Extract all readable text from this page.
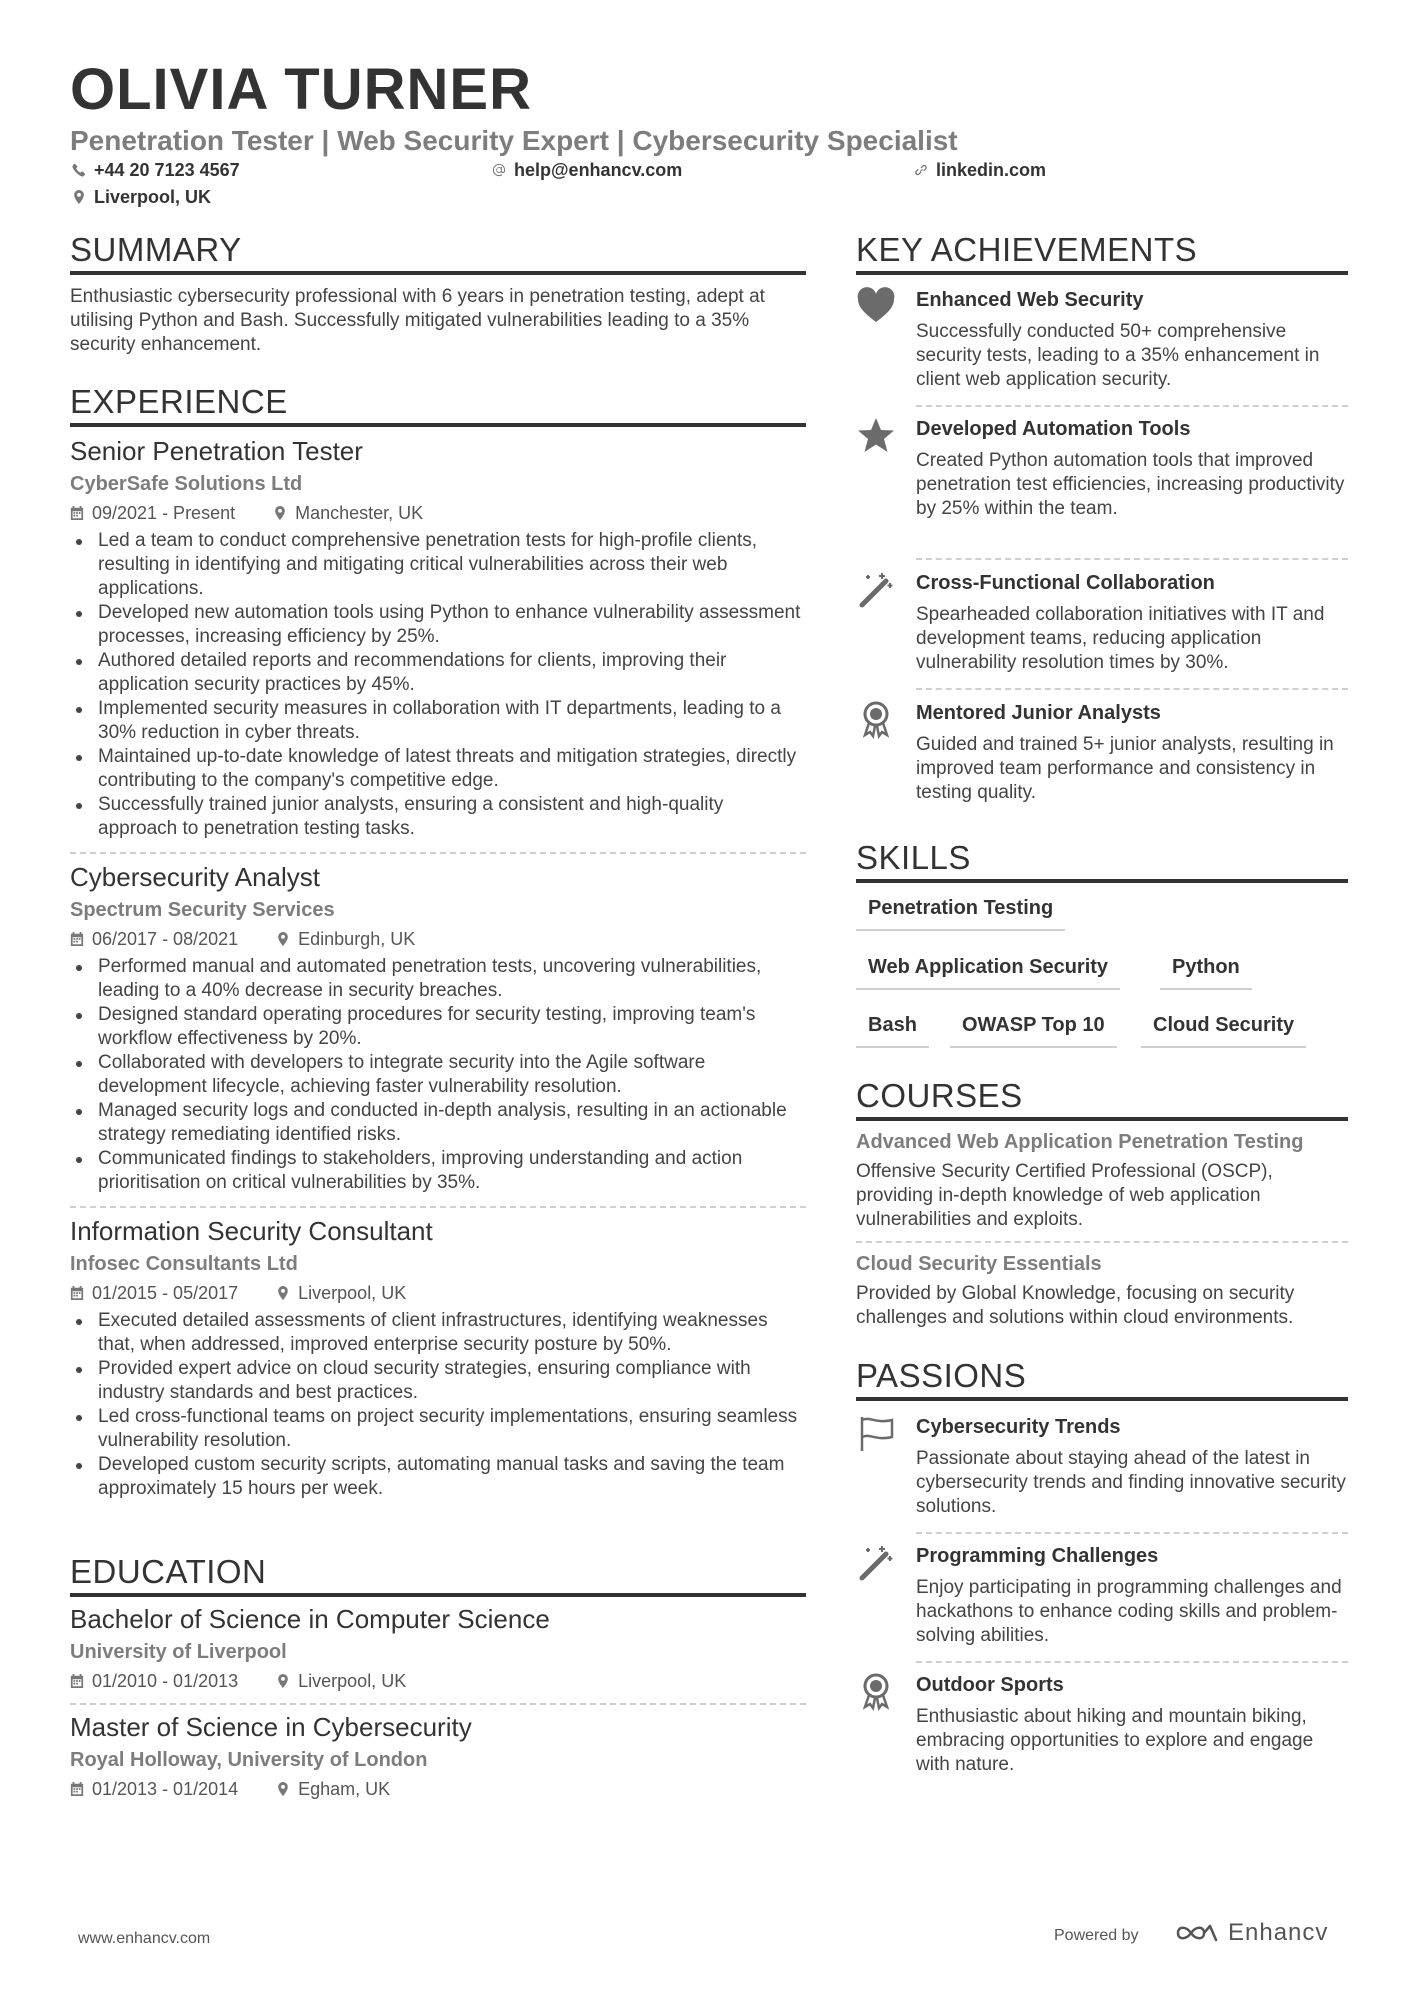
OLIVIA TURNER
Penetration Tester | Web Security Expert | Cybersecurity Specialist
+44 20 7123 4567	help@enhancv.com	linkedin.com
Liverpool, UK
SUMMARY
Enthusiastic cybersecurity professional with 6 years in penetration testing, adept at utilising Python and Bash. Successfully mitigated vulnerabilities leading to a 35% security enhancement.
EXPERIENCE
Senior Penetration Tester
CyberSafe Solutions Ltd
09/2021 - Present	Manchester, UK
Led a team to conduct comprehensive penetration tests for high-profile clients, resulting in identifying and mitigating critical vulnerabilities across their web applications.
Developed new automation tools using Python to enhance vulnerability assessment processes, increasing efficiency by 25%.
Authored detailed reports and recommendations for clients, improving their application security practices by 45%.
Implemented security measures in collaboration with IT departments, leading to a 30% reduction in cyber threats.
Maintained up-to-date knowledge of latest threats and mitigation strategies, directly contributing to the company's competitive edge.
Successfully trained junior analysts, ensuring a consistent and high-quality approach to penetration testing tasks.
Cybersecurity Analyst
Spectrum Security Services
06/2017 - 08/2021	Edinburgh, UK
Performed manual and automated penetration tests, uncovering vulnerabilities, leading to a 40% decrease in security breaches.
Designed standard operating procedures for security testing, improving team's workflow effectiveness by 20%.
Collaborated with developers to integrate security into the Agile software development lifecycle, achieving faster vulnerability resolution.
Managed security logs and conducted in-depth analysis, resulting in an actionable strategy remediating identified risks.
Communicated findings to stakeholders, improving understanding and action prioritisation on critical vulnerabilities by 35%.
Information Security Consultant
Infosec Consultants Ltd
01/2015 - 05/2017	Liverpool, UK
Executed detailed assessments of client infrastructures, identifying weaknesses that, when addressed, improved enterprise security posture by 50%.
Provided expert advice on cloud security strategies, ensuring compliance with industry standards and best practices.
Led cross-functional teams on project security implementations, ensuring seamless vulnerability resolution.
Developed custom security scripts, automating manual tasks and saving the team approximately 15 hours per week.
EDUCATION
Bachelor of Science in Computer Science
University of Liverpool
01/2010 - 01/2013	Liverpool, UK
Master of Science in Cybersecurity
Royal Holloway, University of London
01/2013 - 01/2014	Egham, UK
KEY ACHIEVEMENTS
Enhanced Web Security
Successfully conducted 50+ comprehensive security tests, leading to a 35% enhancement in client web application security.
Developed Automation Tools
Created Python automation tools that improved penetration test efficiencies, increasing productivity by 25% within the team.
Cross-Functional Collaboration
Spearheaded collaboration initiatives with IT and development teams, reducing application vulnerability resolution times by 30%.
Mentored Junior Analysts
Guided and trained 5+ junior analysts, resulting in improved team performance and consistency in testing quality.
SKILLS
Penetration Testing
Web Application Security	Python
Bash	OWASP Top 10	Cloud Security
COURSES
Advanced Web Application Penetration Testing
Offensive Security Certified Professional (OSCP), providing in-depth knowledge of web application vulnerabilities and exploits.
Cloud Security Essentials
Provided by Global Knowledge, focusing on security challenges and solutions within cloud environments.
PASSIONS
Cybersecurity Trends
Passionate about staying ahead of the latest in cybersecurity trends and finding innovative security solutions.
Programming Challenges
Enjoy participating in programming challenges and hackathons to enhance coding skills and problem-solving abilities.
Outdoor Sports
Enthusiastic about hiking and mountain biking, embracing opportunities to explore and engage with nature.
www.enhancv.com	Powered by	Enhancv
